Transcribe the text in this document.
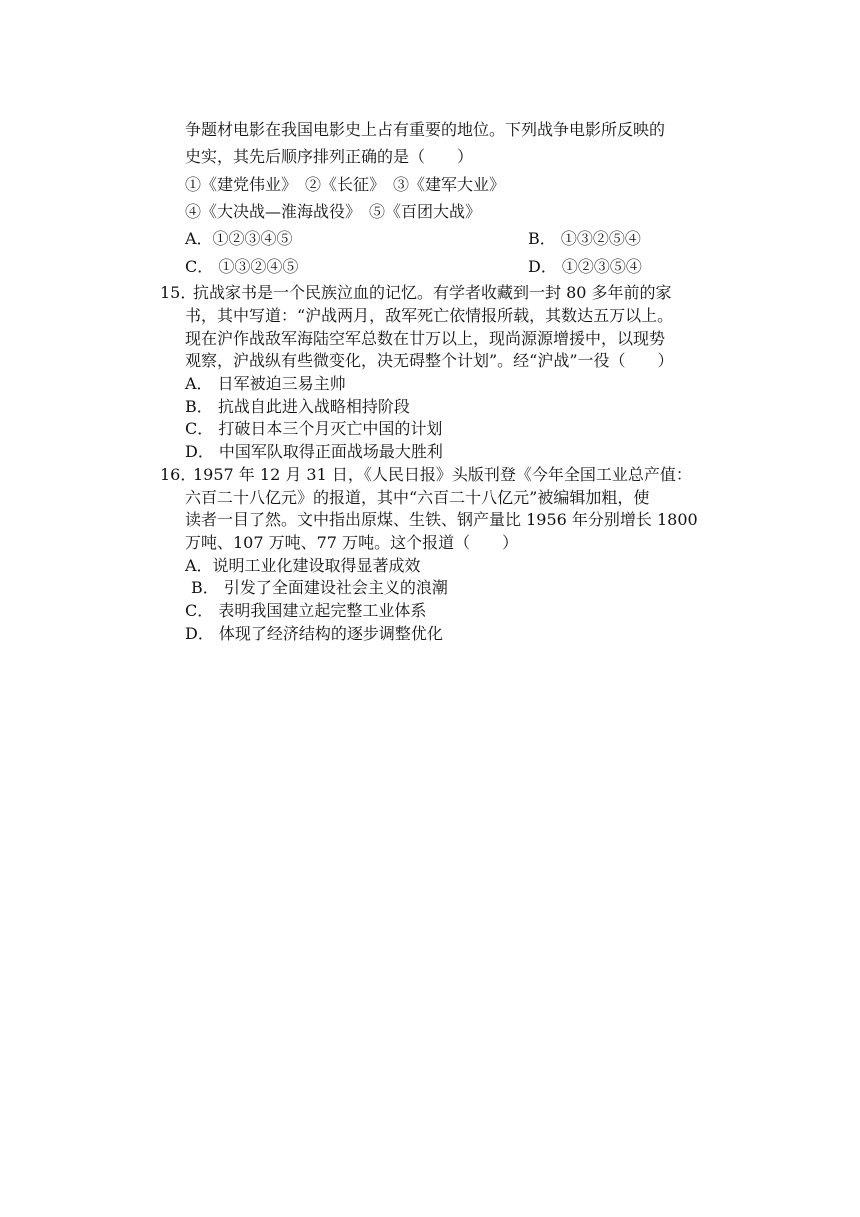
争题材电影在我国电影史上占有重要的地位。下列战争电影所反映的
史实，其先后顺序排列正确的是（　　）
①《建党伟业》　②《长征》　③《建军大业》
④《大决战—淮海战役》　⑤《百团大战》
A．①②③④⑤	B． ①③②⑤④
C． ①③②④⑤	D． ①②③⑤④
15．
抗战家书是一个民族泣血的记忆。有学者收藏到一封 80 多年前的家
书，其中写道：“沪战两月，敌军死亡依情报所载，其数达五万以上。
现在沪作战敌军海陆空军总数在廿万以上，现尚源源增援中，以现势
观察，沪战纵有些微变化，决无碍整个计划”。经“沪战”一役（　　）
A． 日军被迫三易主帅
B． 抗战自此进入战略相持阶段
C． 打破日本三个月灭亡中国的计划
D． 中国军队取得正面战场最大胜利
16．
1957 年 12 月 31 日，《人民日报》头版刊登《今年全国工业总产值：
六百二十八亿元》的报道，其中“六百二十八亿元”被编辑加粗，使
读者一目了然。文中指出原煤、生铁、钢产量比 1956 年分别增长 1800
万吨、107 万吨、77 万吨。这个报道（　　）
A．说明工业化建设取得显著成效
B． 引发了全面建设社会主义的浪潮
C． 表明我国建立起完整工业体系
D． 体现了经济结构的逐步调整优化
